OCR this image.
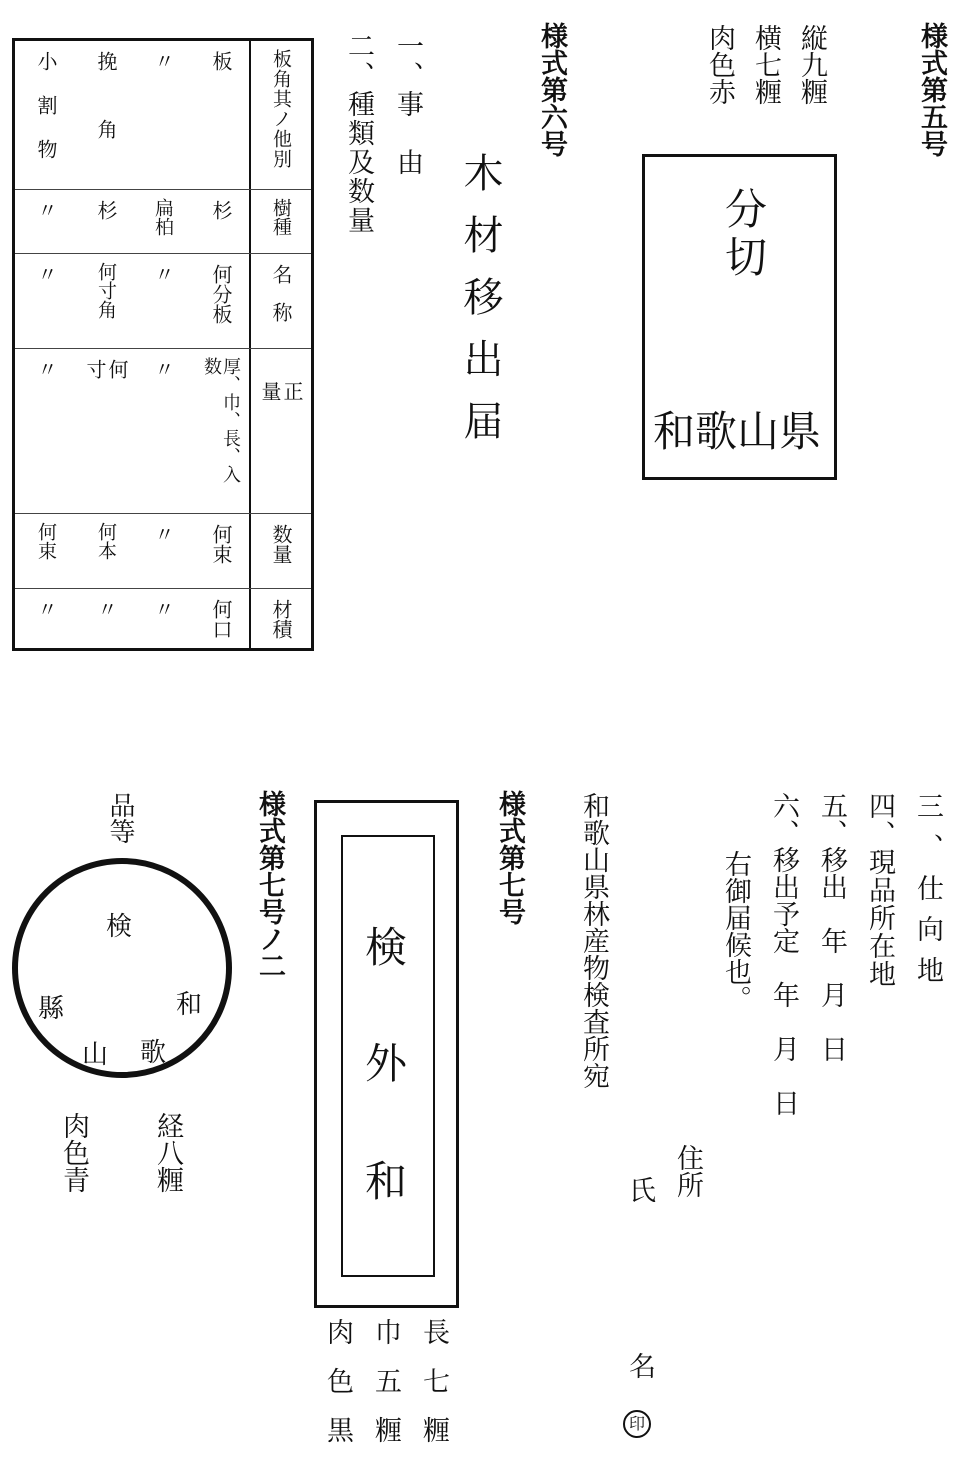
様式第五号
縦九糎
横七糎
肉色赤
分切
和歌山県
様式第六号
木材移出届
一、事　由
二、種類及数量
板角其ノ他別
樹種
名称
正量
数量
材積
板
杉
何分板
厚、巾、長、入数
何束
何口
〃
扁柏
〃
〃
〃
〃
挽角
杉
何寸角
何寸
何本
〃
小割物
〃
〃
〃
何束
〃
三、仕向地
四、現品所在地
五、移出　年　月　日
六、移出予定　年　月　日
右御届候也。
和歌山県林産物検査所宛
住所
氏
名
印
様式第七号
検
外
和
長七糎
巾五糎
肉色黒
様式第七号ノ二
品等
検
和
歌
山
縣
経八糎
肉色青
